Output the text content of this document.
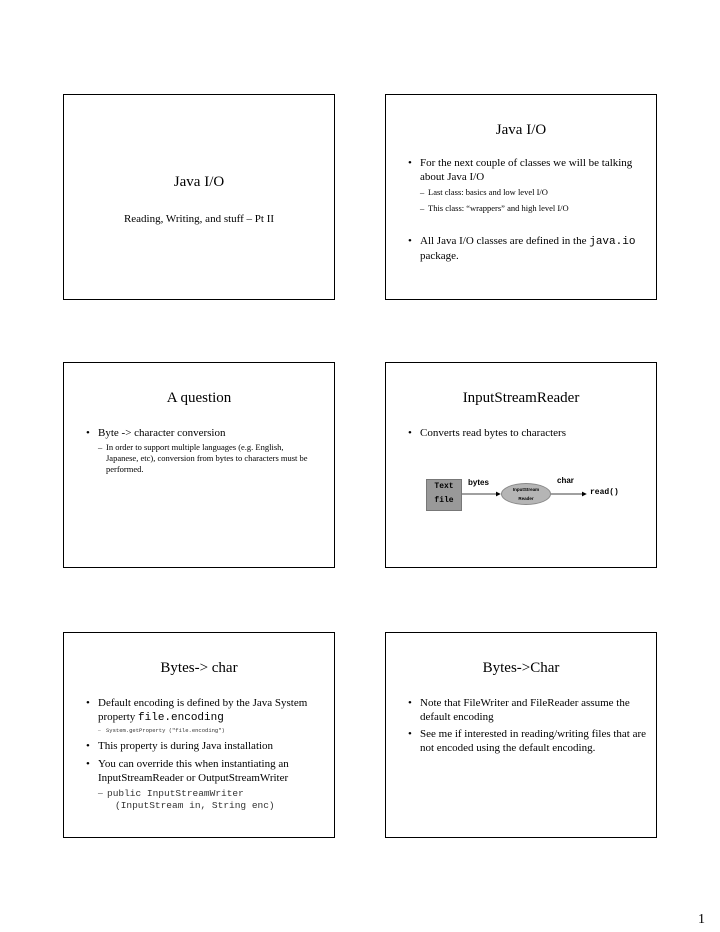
Java I/O
Reading, Writing, and stuff – Pt II
Java I/O
• For the next couple of classes we will be talking about Java I/O
– Last class: basics and low level I/O
– This class: “wrappers” and high level I/O
• All Java I/O classes are defined in the java.io package.
A question
• Byte -> character conversion
– In order to support multiple languages (e.g. English, Japanese, etc), conversion from bytes to characters must be performed.
InputStreamReader
• Converts read bytes to characters
Text
file
bytes
InputStream
Reader
char
read()
Bytes-> char
• Default encoding is defined by the Java System property file.encoding
– System.getProperty ("file.encoding")
• This property is during Java installation
• You can override this when instantiating an InputStreamReader or OutputStreamWriter
– public InputStreamWriter
(InputStream in, String enc)
Bytes->Char
• Note that FileWriter and FileReader assume the default encoding
• See me if interested in reading/writing files that are not encoded using the default encoding.
1
